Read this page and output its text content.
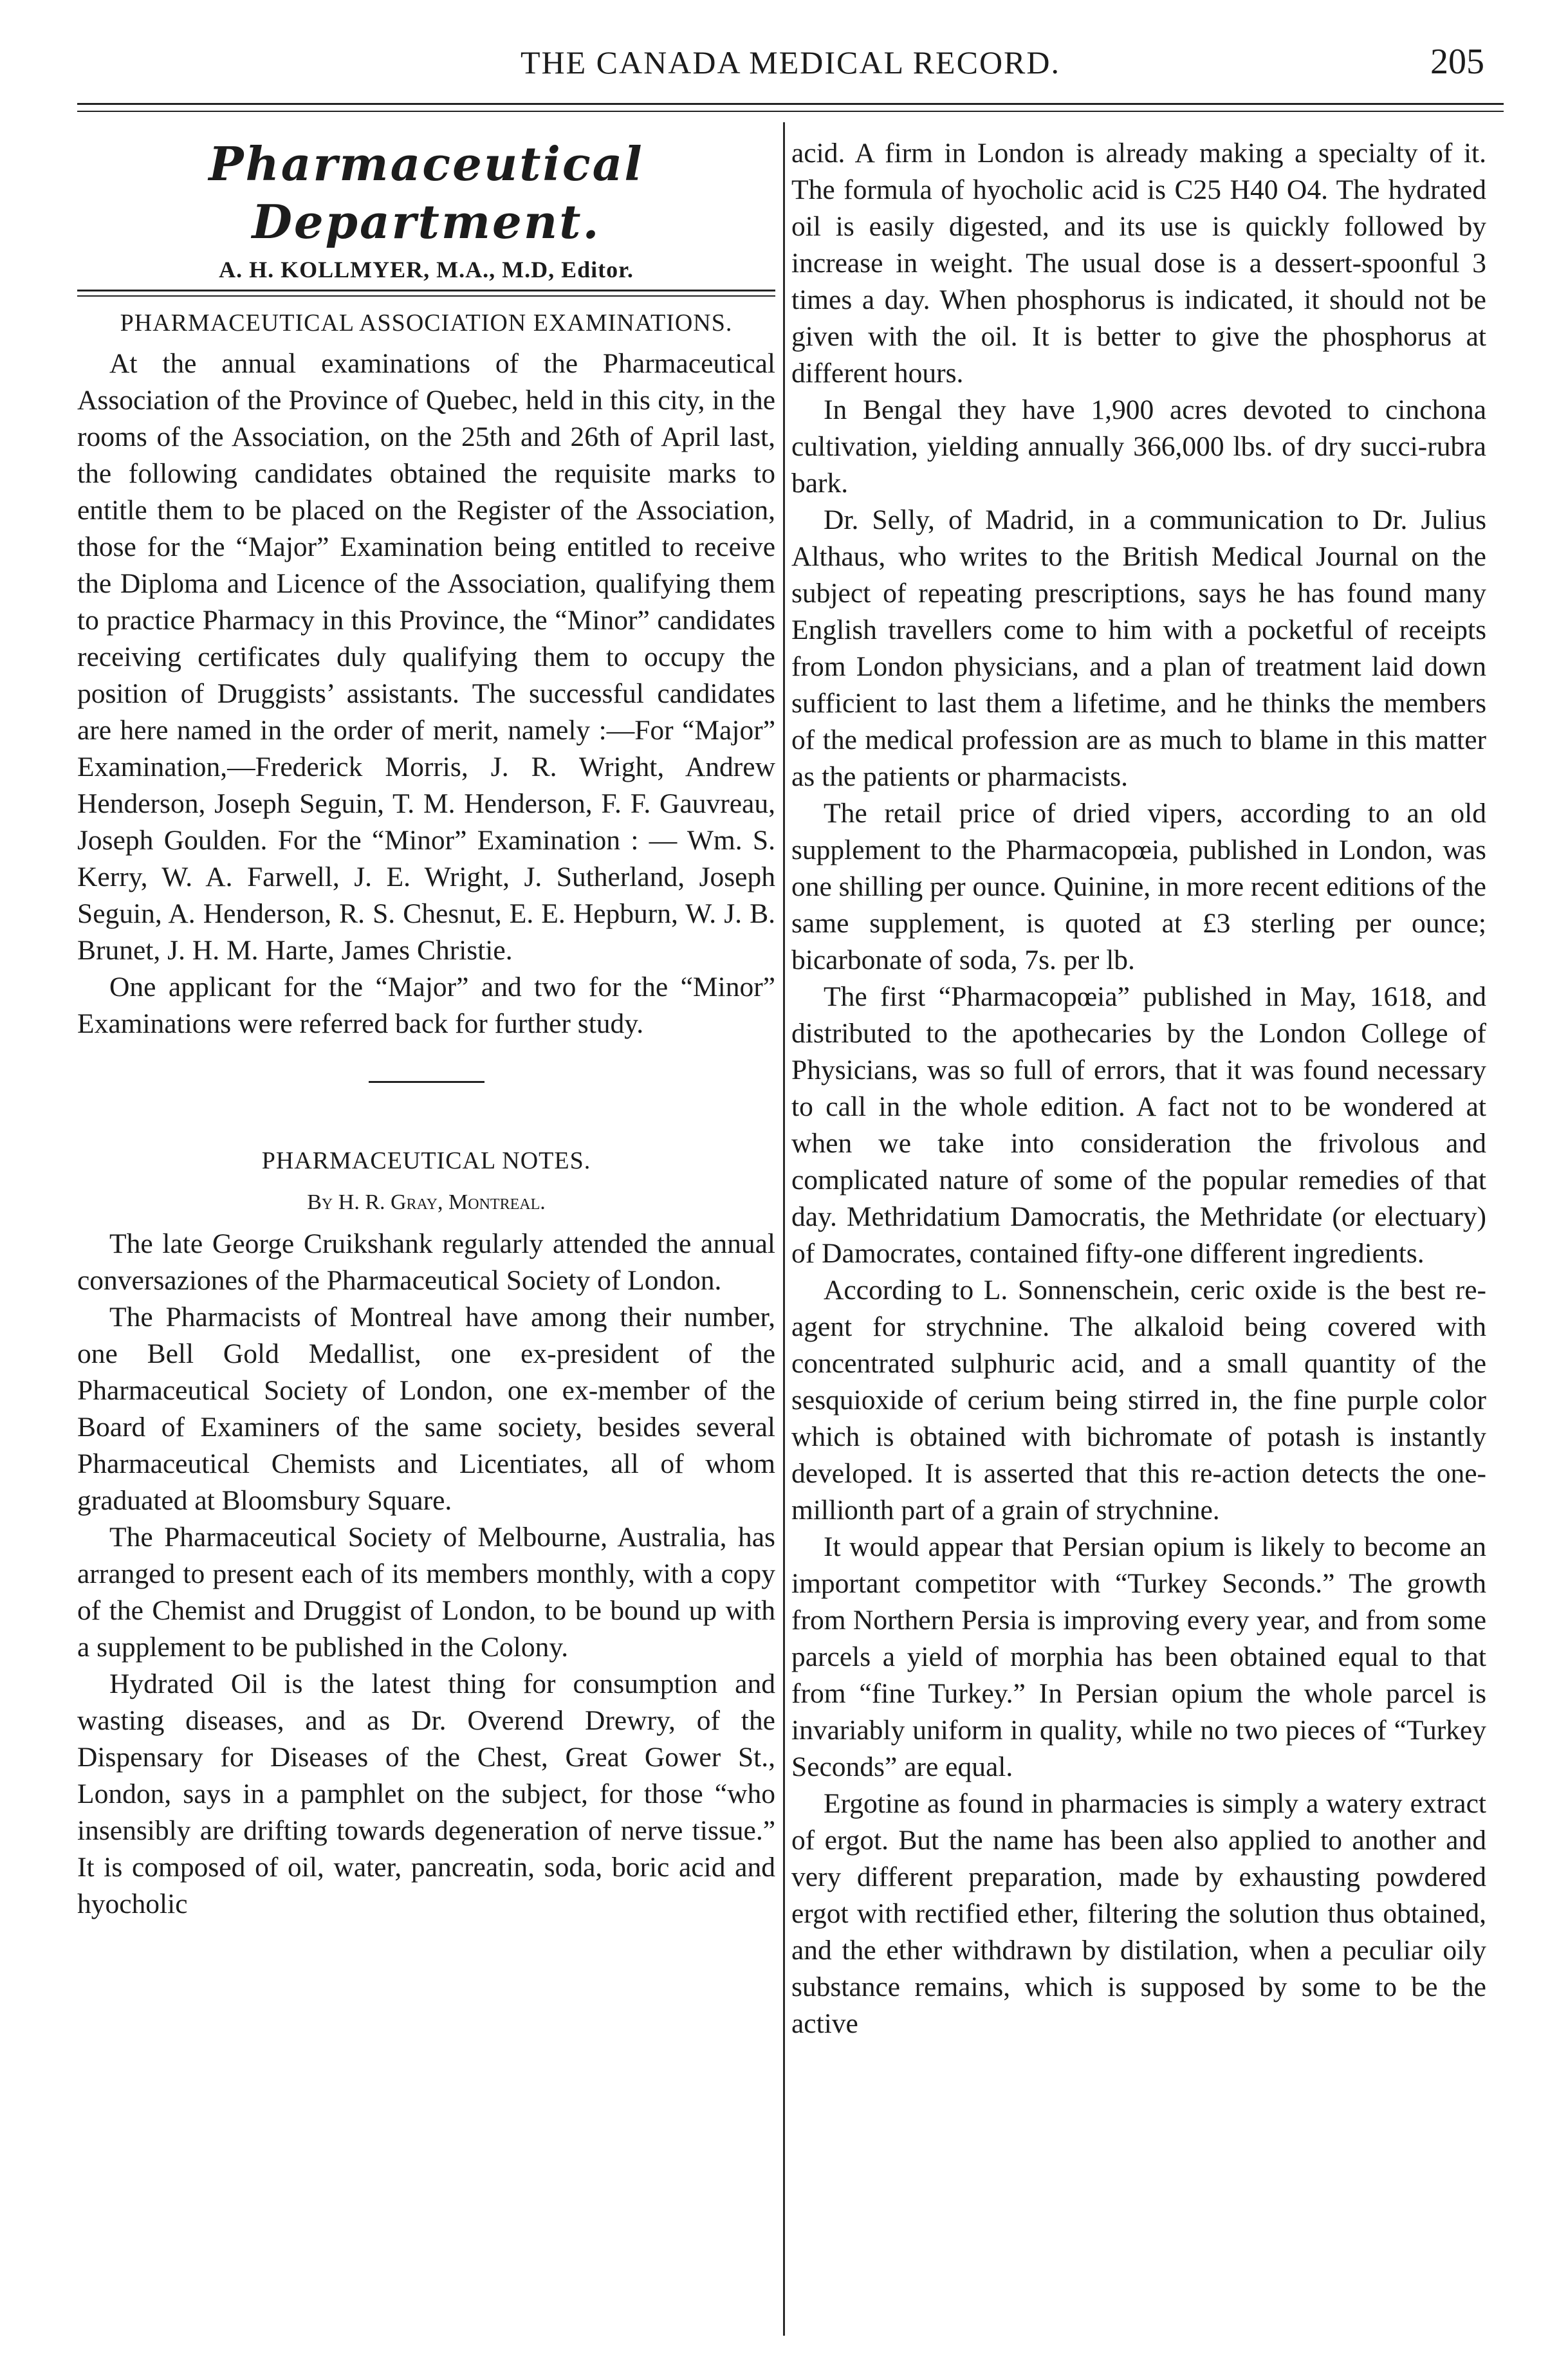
THE CANADA MEDICAL RECORD.	205
Pharmaceutical Department.
A. H. KOLLMYER, M.A., M.D, Editor.
PHARMACEUTICAL ASSOCIATION EXAMINATIONS.

At the annual examinations of the Pharmaceutical Association of the Province of Quebec, held in this city, in the rooms of the Association, on the 25th and 26th of April last, the following candidates obtained the requisite marks to entitle them to be placed on the Register of the Association, those for the “Major” Examination being entitled to receive the Diploma and Licence of the Association, qualifying them to practice Pharmacy in this Province, the “Minor” candidates receiving certificates duly qualifying them to occupy the position of Druggists’ assistants. The successful candidates are here named in the order of merit, namely :—For “Major” Examination,—Frederick Morris, J. R. Wright, Andrew Henderson, Joseph Seguin, T. M. Henderson, F. F. Gauvreau, Joseph Goulden. For the “Minor” Examination : — Wm. S. Kerry, W. A. Farwell, J. E. Wright, J. Sutherland, Joseph Seguin, A. Henderson, R. S. Chesnut, E. E. Hepburn, W. J. B. Brunet, J. H. M. Harte, James Christie.

One applicant for the “Major” and two for the “Minor” Examinations were referred back for further study.

PHARMACEUTICAL NOTES.
By H. R. Gray, Montreal.

The late George Cruikshank regularly attended the annual conversaziones of the Pharmaceutical Society of London.

The Pharmacists of Montreal have among their number, one Bell Gold Medallist, one ex-president of the Pharmaceutical Society of London, one ex-member of the Board of Examiners of the same society, besides several Pharmaceutical Chemists and Licentiates, all of whom graduated at Bloomsbury Square.

The Pharmaceutical Society of Melbourne, Australia, has arranged to present each of its members monthly, with a copy of the Chemist and Druggist of London, to be bound up with a supplement to be published in the Colony.

Hydrated Oil is the latest thing for consumption and wasting diseases, and as Dr. Overend Drewry, of the Dispensary for Diseases of the Chest, Great Gower St., London, says in a pamphlet on the subject, for those “who insensibly are drifting towards degeneration of nerve tissue.” It is composed of oil, water, pancreatin, soda, boric acid and hyocholic

acid. A firm in London is already making a specialty of it. The formula of hyocholic acid is C25 H40 O4. The hydrated oil is easily digested, and its use is quickly followed by increase in weight. The usual dose is a dessert-spoonful 3 times a day. When phosphorus is indicated, it should not be given with the oil. It is better to give the phosphorus at different hours.

In Bengal they have 1,900 acres devoted to cinchona cultivation, yielding annually 366,000 lbs. of dry succi-rubra bark.

Dr. Selly, of Madrid, in a communication to Dr. Julius Althaus, who writes to the British Medical Journal on the subject of repeating prescriptions, says he has found many English travellers come to him with a pocketful of receipts from London physicians, and a plan of treatment laid down sufficient to last them a lifetime, and he thinks the members of the medical profession are as much to blame in this matter as the patients or pharmacists.

The retail price of dried vipers, according to an old supplement to the Pharmacopœia, published in London, was one shilling per ounce. Quinine, in more recent editions of the same supplement, is quoted at £3 sterling per ounce; bicarbonate of soda, 7s. per lb.

The first “Pharmacopœia” published in May, 1618, and distributed to the apothecaries by the London College of Physicians, was so full of errors, that it was found necessary to call in the whole edition. A fact not to be wondered at when we take into consideration the frivolous and complicated nature of some of the popular remedies of that day. Methridatium Damocratis, the Methridate (or electuary) of Damocrates, contained fifty-one different ingredients.

According to L. Sonnenschein, ceric oxide is the best re-agent for strychnine. The alkaloid being covered with concentrated sulphuric acid, and a small quantity of the sesquioxide of cerium being stirred in, the fine purple color which is obtained with bichromate of potash is instantly developed. It is asserted that this re-action detects the one-millionth part of a grain of strychnine.

It would appear that Persian opium is likely to become an important competitor with “Turkey Seconds.” The growth from Northern Persia is improving every year, and from some parcels a yield of morphia has been obtained equal to that from “fine Turkey.” In Persian opium the whole parcel is invariably uniform in quality, while no two pieces of “Turkey Seconds” are equal.

Ergotine as found in pharmacies is simply a watery extract of ergot. But the name has been also applied to another and very different preparation, made by exhausting powdered ergot with rectified ether, filtering the solution thus obtained, and the ether withdrawn by distilation, when a peculiar oily substance remains, which is supposed by some to be the active
